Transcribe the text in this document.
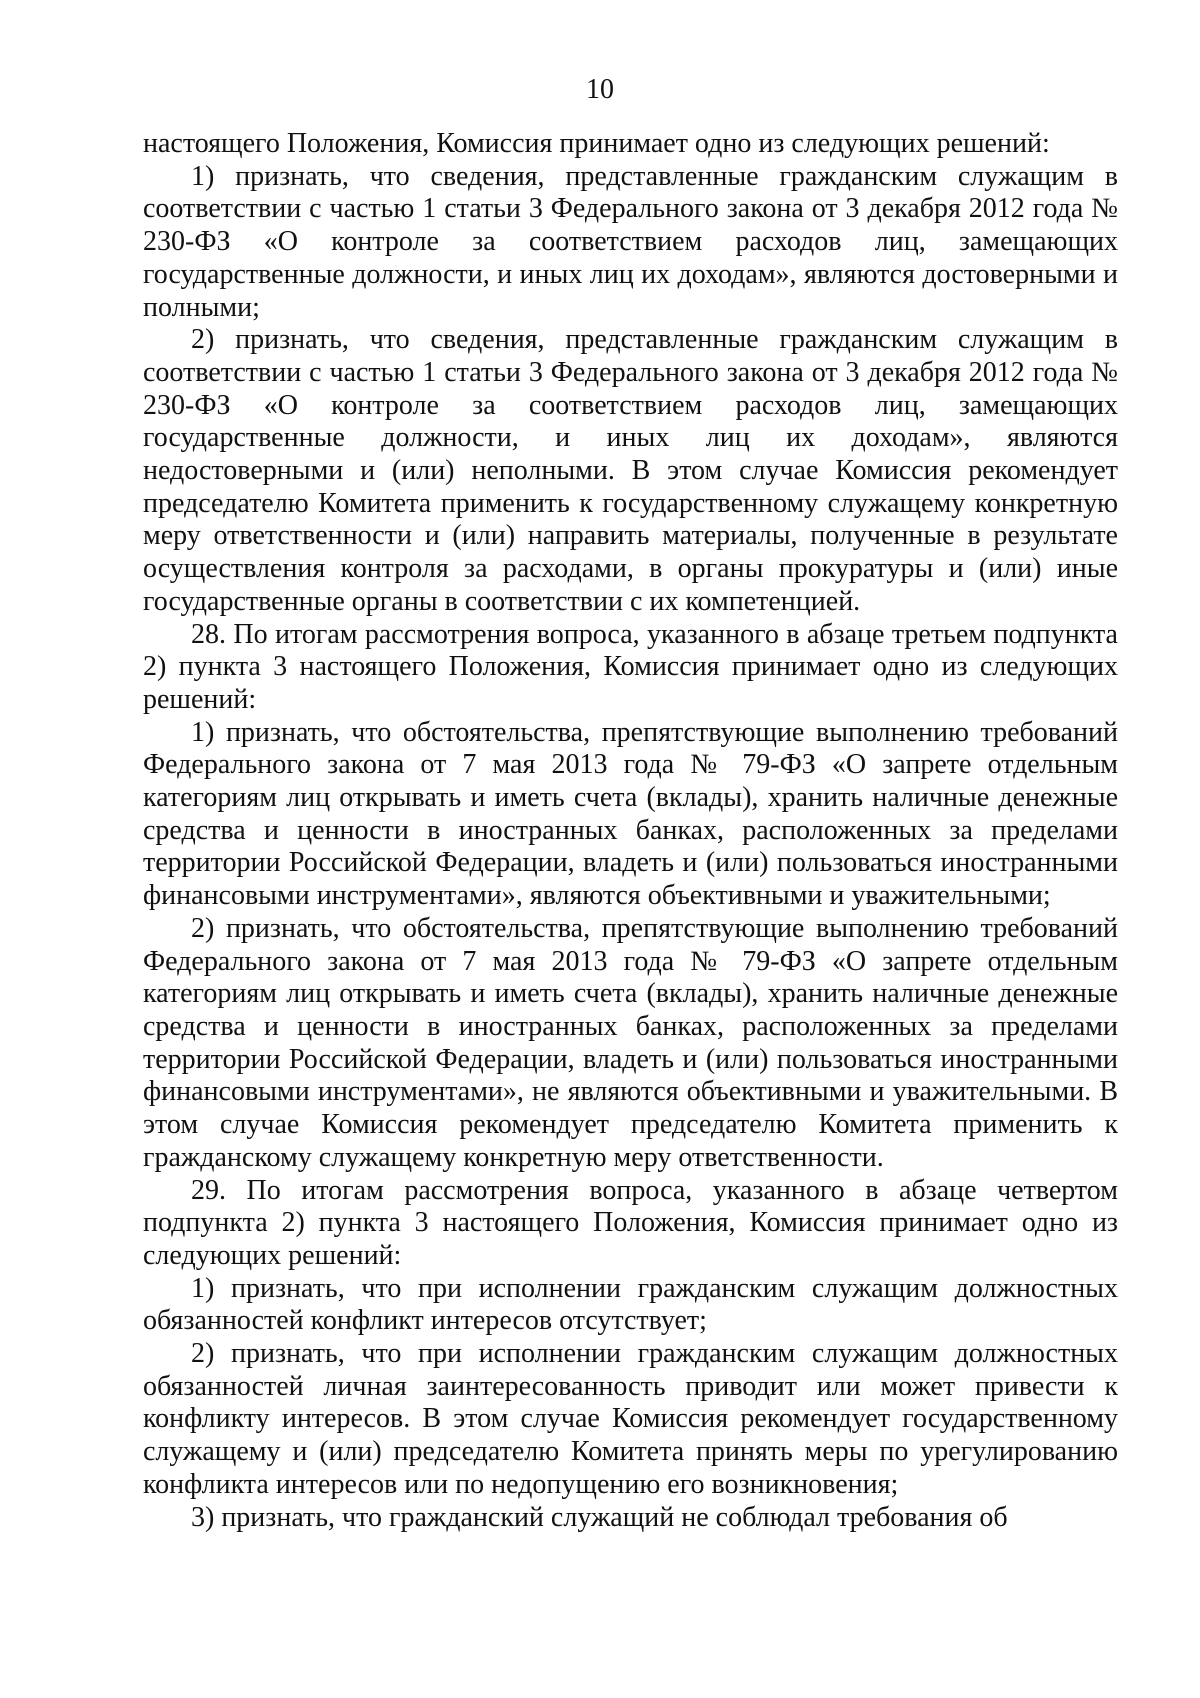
10

настоящего Положения, Комиссия принимает одно из следующих решений:

1) признать, что сведения, представленные гражданским служащим в соответствии с частью 1 статьи 3 Федерального закона от 3 декабря 2012 года № 230-ФЗ «О контроле за соответствием расходов лиц, замещающих государственные должности, и иных лиц их доходам», являются достоверными и полными;

2) признать, что сведения, представленные гражданским служащим в соответствии с частью 1 статьи 3 Федерального закона от 3 декабря 2012 года № 230-ФЗ «О контроле за соответствием расходов лиц, замещающих государственные должности, и иных лиц их доходам», являются недостоверными и (или) неполными. В этом случае Комиссия рекомендует председателю Комитета применить к государственному служащему конкретную меру ответственности и (или) направить материалы, полученные в результате осуществления контроля за расходами, в органы прокуратуры и (или) иные государственные органы в соответствии с их компетенцией.

28. По итогам рассмотрения вопроса, указанного в абзаце третьем подпункта 2) пункта 3 настоящего Положения, Комиссия принимает одно из следующих решений:

1) признать, что обстоятельства, препятствующие выполнению требований Федерального закона от 7 мая 2013 года № 79-ФЗ «О запрете отдельным категориям лиц открывать и иметь счета (вклады), хранить наличные денежные средства и ценности в иностранных банках, расположенных за пределами территории Российской Федерации, владеть и (или) пользоваться иностранными финансовыми инструментами», являются объективными и уважительными;

2) признать, что обстоятельства, препятствующие выполнению требований Федерального закона от 7 мая 2013 года № 79-ФЗ «О запрете отдельным категориям лиц открывать и иметь счета (вклады), хранить наличные денежные средства и ценности в иностранных банках, расположенных за пределами территории Российской Федерации, владеть и (или) пользоваться иностранными финансовыми инструментами», не являются объективными и уважительными. В этом случае Комиссия рекомендует председателю Комитета применить к гражданскому служащему конкретную меру ответственности.

29. По итогам рассмотрения вопроса, указанного в абзаце четвертом подпункта 2) пункта 3 настоящего Положения, Комиссия принимает одно из следующих решений:

1) признать, что при исполнении гражданским служащим должностных обязанностей конфликт интересов отсутствует;

2) признать, что при исполнении гражданским служащим должностных обязанностей личная заинтересованность приводит или может привести к конфликту интересов. В этом случае Комиссия рекомендует государственному служащему и (или) председателю Комитета принять меры по урегулированию конфликта интересов или по недопущению его возникновения;

3) признать, что гражданский служащий не соблюдал требования об
